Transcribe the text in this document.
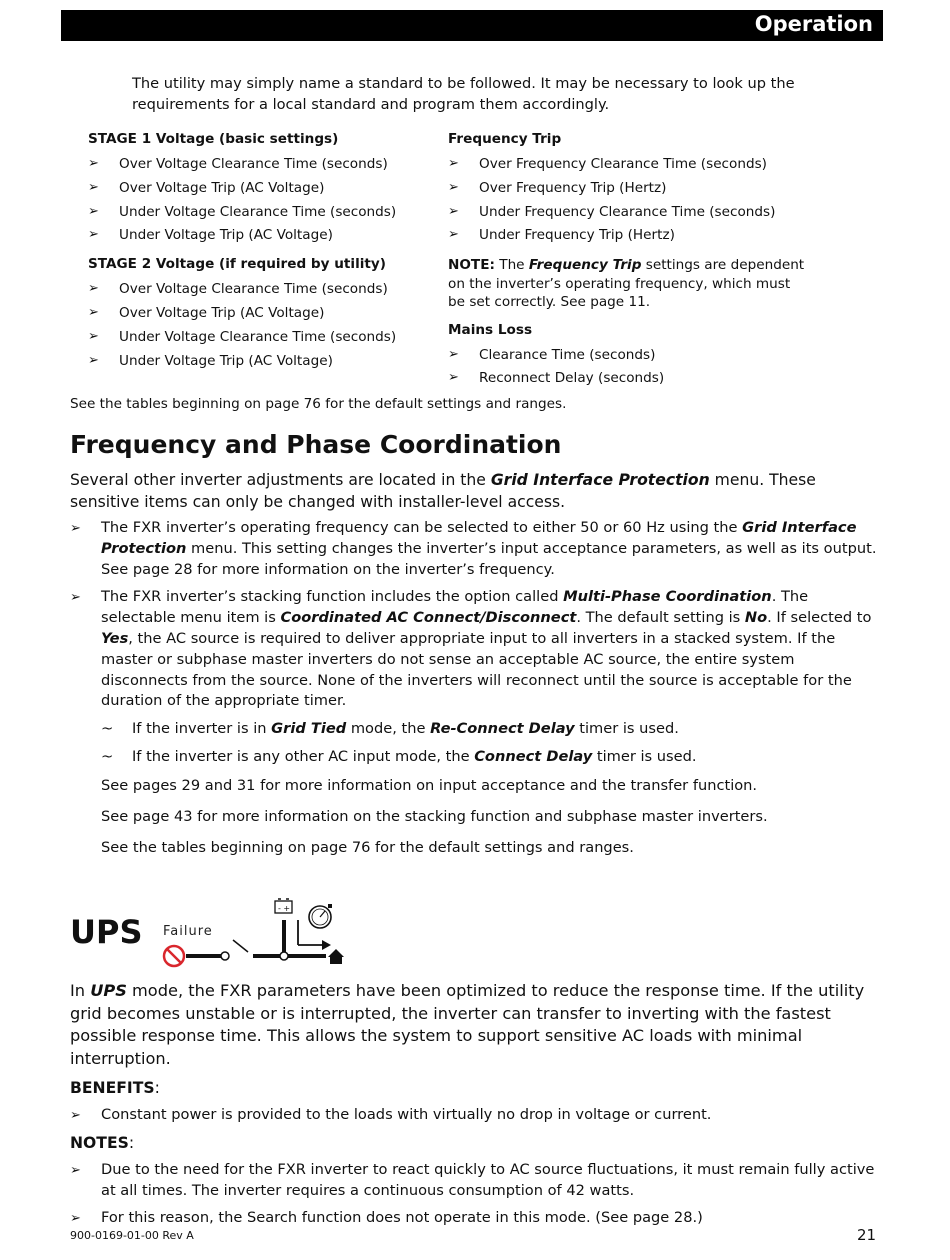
Operation
The utility may simply name a standard to be followed. It may be necessary to look up the requirements for a local standard and program them accordingly.
STAGE 1 Voltage (basic settings)
➢ Over Voltage Clearance Time (seconds)
➢ Over Voltage Trip (AC Voltage)
➢ Under Voltage Clearance Time (seconds)
➢ Under Voltage Trip (AC Voltage)
STAGE 2 Voltage (if required by utility)
➢ Over Voltage Clearance Time (seconds)
➢ Over Voltage Trip (AC Voltage)
➢ Under Voltage Clearance Time (seconds)
➢ Under Voltage Trip (AC Voltage)
Frequency Trip
➢ Over Frequency Clearance Time (seconds)
➢ Over Frequency Trip (Hertz)
➢ Under Frequency Clearance Time (seconds)
➢ Under Frequency Trip (Hertz)
NOTE: The Frequency Trip settings are dependent on the inverter’s operating frequency, which must be set correctly. See page 11.
Mains Loss
➢ Clearance Time (seconds)
➢ Reconnect Delay (seconds)
See the tables beginning on page 76 for the default settings and ranges.
Frequency and Phase Coordination
Several other inverter adjustments are located in the Grid Interface Protection menu. These sensitive items can only be changed with installer-level access.
➢ The FXR inverter’s operating frequency can be selected to either 50 or 60 Hz using the Grid Interface Protection menu. This setting changes the inverter’s input acceptance parameters, as well as its output. See page 28 for more information on the inverter’s frequency.
➢ The FXR inverter’s stacking function includes the option called Multi-Phase Coordination. The selectable menu item is Coordinated AC Connect/Disconnect. The default setting is No. If selected to Yes, the AC source is required to deliver appropriate input to all inverters in a stacked system. If the master or subphase master inverters do not sense an acceptable AC source, the entire system disconnects from the source. None of the inverters will reconnect until the source is acceptable for the duration of the appropriate timer.
~ If the inverter is in Grid Tied mode, the Re-Connect Delay timer is used.
~ If the inverter is any other AC input mode, the Connect Delay timer is used.
See pages 29 and 31 for more information on input acceptance and the transfer function.
See page 43 for more information on the stacking function and subphase master inverters.
See the tables beginning on page 76 for the default settings and ranges.
UPS Failure
- +
In UPS mode, the FXR parameters have been optimized to reduce the response time. If the utility grid becomes unstable or is interrupted, the inverter can transfer to inverting with the fastest possible response time. This allows the system to support sensitive AC loads with minimal interruption.
BENEFITS:
➢ Constant power is provided to the loads with virtually no drop in voltage or current.
NOTES:
➢ Due to the need for the FXR inverter to react quickly to AC source fluctuations, it must remain fully active at all times. The inverter requires a continuous consumption of 42 watts.
➢ For this reason, the Search function does not operate in this mode. (See page 28.)
900-0169-01-00 Rev A	21
